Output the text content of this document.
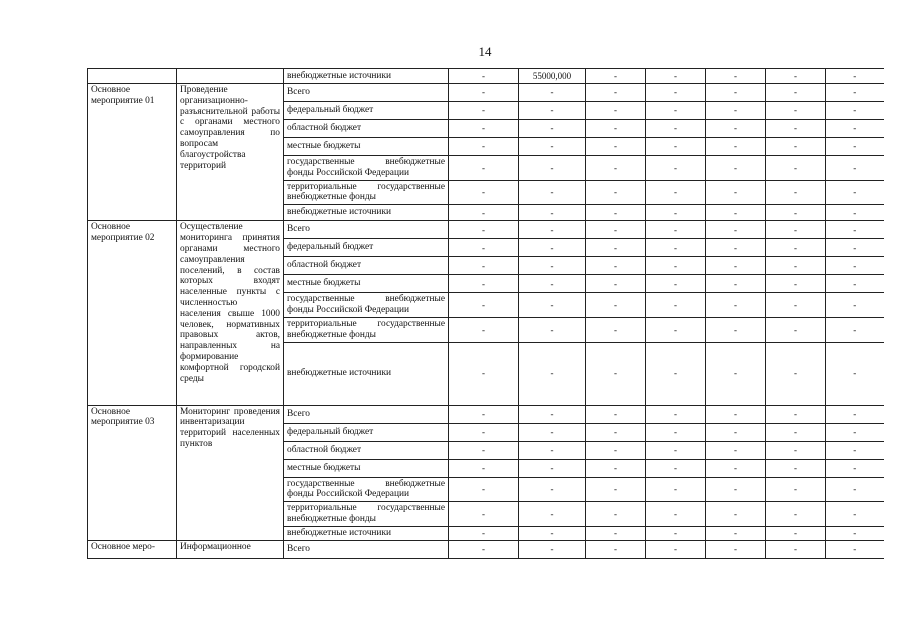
14
		внебюджетные источники	-	55000,000	-	-	-	-	-
Основное мероприятие 01	Проведение организационно-разъяснительной работы с органами местного самоуправления по вопросам благоустройства территорий	Всего	-	-	-	-	-	-	-
		федеральный бюджет	-	-	-	-	-	-	-
		областной бюджет	-	-	-	-	-	-	-
		местные бюджеты	-	-	-	-	-	-	-
		государственные внебюджетные фонды Российской Федерации	-	-	-	-	-	-	-
		территориальные государственные внебюджетные фонды	-	-	-	-	-	-	-
		внебюджетные источники	-	-	-	-	-	-	-
Основное мероприятие 02	Осуществление мониторинга принятия органами местного самоуправления поселений, в состав которых входят населенные пункты с численностью населения свыше 1000 человек, нормативных правовых актов, направленных на формирование комфортной городской среды	Всего	-	-	-	-	-	-	-
		федеральный бюджет	-	-	-	-	-	-	-
		областной бюджет	-	-	-	-	-	-	-
		местные бюджеты	-	-	-	-	-	-	-
		государственные внебюджетные фонды Российской Федерации	-	-	-	-	-	-	-
		территориальные государственные внебюджетные фонды	-	-	-	-	-	-	-
		внебюджетные источники	-	-	-	-	-	-	-
Основное мероприятие 03	Мониторинг проведения инвентаризации территорий населенных пунктов	Всего	-	-	-	-	-	-	-
		федеральный бюджет	-	-	-	-	-	-	-
		областной бюджет	-	-	-	-	-	-	-
		местные бюджеты	-	-	-	-	-	-	-
		государственные внебюджетные фонды Российской Федерации	-	-	-	-	-	-	-
		территориальные государственные внебюджетные фонды	-	-	-	-	-	-	-
		внебюджетные источники	-	-	-	-	-	-	-
Основное меро-	Информационное	Всего	-	-	-	-	-	-	-
